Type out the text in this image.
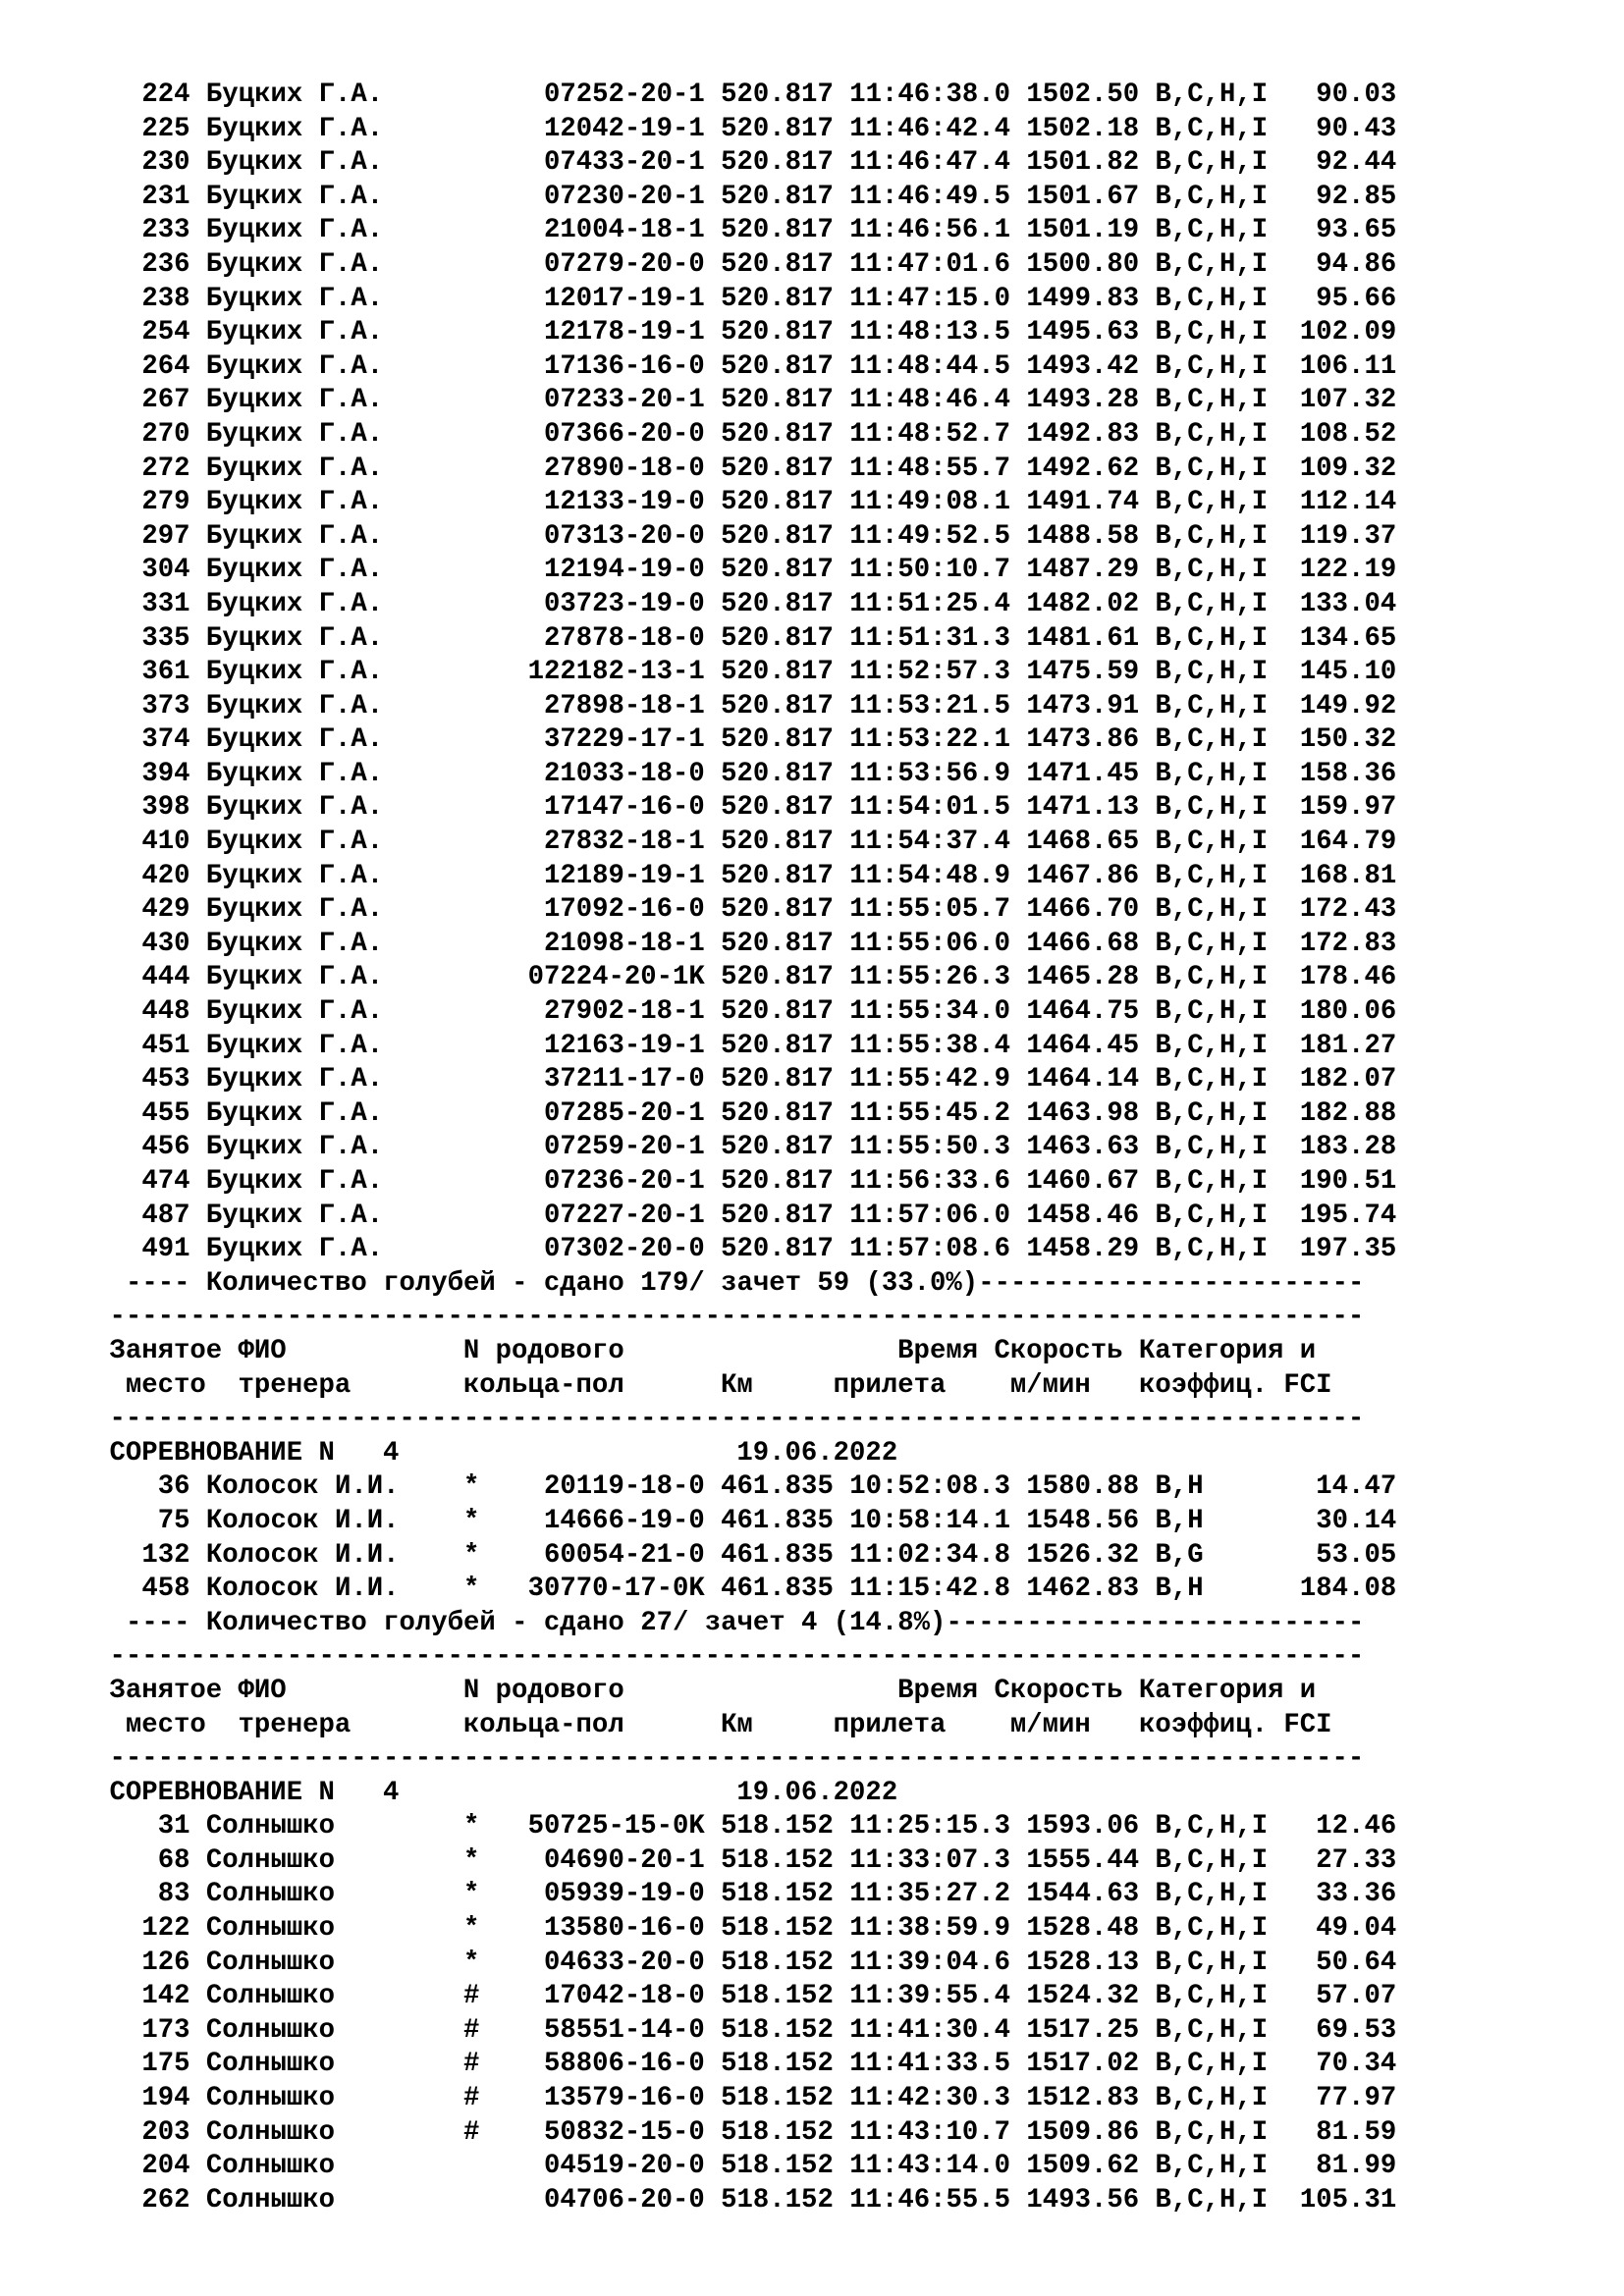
224 Буцких Г.А.          07252-20-1 520.817 11:46:38.0 1502.50 B,C,H,I   90.03
225 Буцких Г.А.          12042-19-1 520.817 11:46:42.4 1502.18 B,C,H,I   90.43
230 Буцких Г.А.          07433-20-1 520.817 11:46:47.4 1501.82 B,C,H,I   92.44
231 Буцких Г.А.          07230-20-1 520.817 11:46:49.5 1501.67 B,C,H,I   92.85
233 Буцких Г.А.          21004-18-1 520.817 11:46:56.1 1501.19 B,C,H,I   93.65
236 Буцких Г.А.          07279-20-0 520.817 11:47:01.6 1500.80 B,C,H,I   94.86
238 Буцких Г.А.          12017-19-1 520.817 11:47:15.0 1499.83 B,C,H,I   95.66
254 Буцких Г.А.          12178-19-1 520.817 11:48:13.5 1495.63 B,C,H,I  102.09
264 Буцких Г.А.          17136-16-0 520.817 11:48:44.5 1493.42 B,C,H,I  106.11
267 Буцких Г.А.          07233-20-1 520.817 11:48:46.4 1493.28 B,C,H,I  107.32
270 Буцких Г.А.          07366-20-0 520.817 11:48:52.7 1492.83 B,C,H,I  108.52
272 Буцких Г.А.          27890-18-0 520.817 11:48:55.7 1492.62 B,C,H,I  109.32
279 Буцких Г.А.          12133-19-0 520.817 11:49:08.1 1491.74 B,C,H,I  112.14
297 Буцких Г.А.          07313-20-0 520.817 11:49:52.5 1488.58 B,C,H,I  119.37
304 Буцких Г.А.          12194-19-0 520.817 11:50:10.7 1487.29 B,C,H,I  122.19
331 Буцких Г.А.          03723-19-0 520.817 11:51:25.4 1482.02 B,C,H,I  133.04
335 Буцких Г.А.          27878-18-0 520.817 11:51:31.3 1481.61 B,C,H,I  134.65
361 Буцких Г.А.         122182-13-1 520.817 11:52:57.3 1475.59 B,C,H,I  145.10
373 Буцких Г.А.          27898-18-1 520.817 11:53:21.5 1473.91 B,C,H,I  149.92
374 Буцких Г.А.          37229-17-1 520.817 11:53:22.1 1473.86 B,C,H,I  150.32
394 Буцких Г.А.          21033-18-0 520.817 11:53:56.9 1471.45 B,C,H,I  158.36
398 Буцких Г.А.          17147-16-0 520.817 11:54:01.5 1471.13 B,C,H,I  159.97
410 Буцких Г.А.          27832-18-1 520.817 11:54:37.4 1468.65 B,C,H,I  164.79
420 Буцких Г.А.          12189-19-1 520.817 11:54:48.9 1467.86 B,C,H,I  168.81
429 Буцких Г.А.          17092-16-0 520.817 11:55:05.7 1466.70 B,C,H,I  172.43
430 Буцких Г.А.          21098-18-1 520.817 11:55:06.0 1466.68 B,C,H,I  172.83
444 Буцких Г.А.         07224-20-1K 520.817 11:55:26.3 1465.28 B,C,H,I  178.46
448 Буцких Г.А.          27902-18-1 520.817 11:55:34.0 1464.75 B,C,H,I  180.06
451 Буцких Г.А.          12163-19-1 520.817 11:55:38.4 1464.45 B,C,H,I  181.27
453 Буцких Г.А.          37211-17-0 520.817 11:55:42.9 1464.14 B,C,H,I  182.07
455 Буцких Г.А.          07285-20-1 520.817 11:55:45.2 1463.98 B,C,H,I  182.88
456 Буцких Г.А.          07259-20-1 520.817 11:55:50.3 1463.63 B,C,H,I  183.28
474 Буцких Г.А.          07236-20-1 520.817 11:56:33.6 1460.67 B,C,H,I  190.51
487 Буцких Г.А.          07227-20-1 520.817 11:57:06.0 1458.46 B,C,H,I  195.74
491 Буцких Г.А.          07302-20-0 520.817 11:57:08.6 1458.29 B,C,H,I  197.35
---- Количество голубей - сдано 179/ зачет 59 (33.0%)------------------------
------------------------------------------------------------------------------
Занятое ФИО           N родового                 Время Скорость Категория и
место  тренера       кольца-пол      Км	прилета м/мин коэффиц. FCI
------------------------------------------------------------------------------
СОРЕВНОВАНИЕ N 4	19.06.2022
36 Колосок И.И.    *    20119-18-0 461.835 10:52:08.3 1580.88 B,H       14.47
75 Колосок И.И.    *    14666-19-0 461.835 10:58:14.1 1548.56 B,H       30.14
132 Колосок И.И.    *    60054-21-0 461.835 11:02:34.8 1526.32 B,G       53.05
458 Колосок И.И.    *   30770-17-0K 461.835 11:15:42.8 1462.83 B,H      184.08
---- Количество голубей - сдано 27/ зачет 4 (14.8%)--------------------------
------------------------------------------------------------------------------
Занятое ФИО           N родового                 Время Скорость Категория и
место  тренера       кольца-пол      Км	прилета м/мин коэффиц. FCI
------------------------------------------------------------------------------
СОРЕВНОВАНИЕ N 4	19.06.2022
31 Солнышко        *   50725-15-0K 518.152 11:25:15.3 1593.06 B,C,H,I   12.46
68 Солнышко        *    04690-20-1 518.152 11:33:07.3 1555.44 B,C,H,I   27.33
83 Солнышко        *    05939-19-0 518.152 11:35:27.2 1544.63 B,C,H,I   33.36
122 Солнышко        *    13580-16-0 518.152 11:38:59.9 1528.48 B,C,H,I   49.04
126 Солнышко        *    04633-20-0 518.152 11:39:04.6 1528.13 B,C,H,I   50.64
142 Солнышко        #    17042-18-0 518.152 11:39:55.4 1524.32 B,C,H,I   57.07
173 Солнышко        #    58551-14-0 518.152 11:41:30.4 1517.25 B,C,H,I   69.53
175 Солнышко        #    58806-16-0 518.152 11:41:33.5 1517.02 B,C,H,I   70.34
194 Солнышко        #    13579-16-0 518.152 11:42:30.3 1512.83 B,C,H,I   77.97
203 Солнышко        #    50832-15-0 518.152 11:43:10.7 1509.86 B,C,H,I   81.59
204 Солнышко             04519-20-0 518.152 11:43:14.0 1509.62 B,C,H,I   81.99
262 Солнышко             04706-20-0 518.152 11:46:55.5 1493.56 B,C,H,I  105.31
